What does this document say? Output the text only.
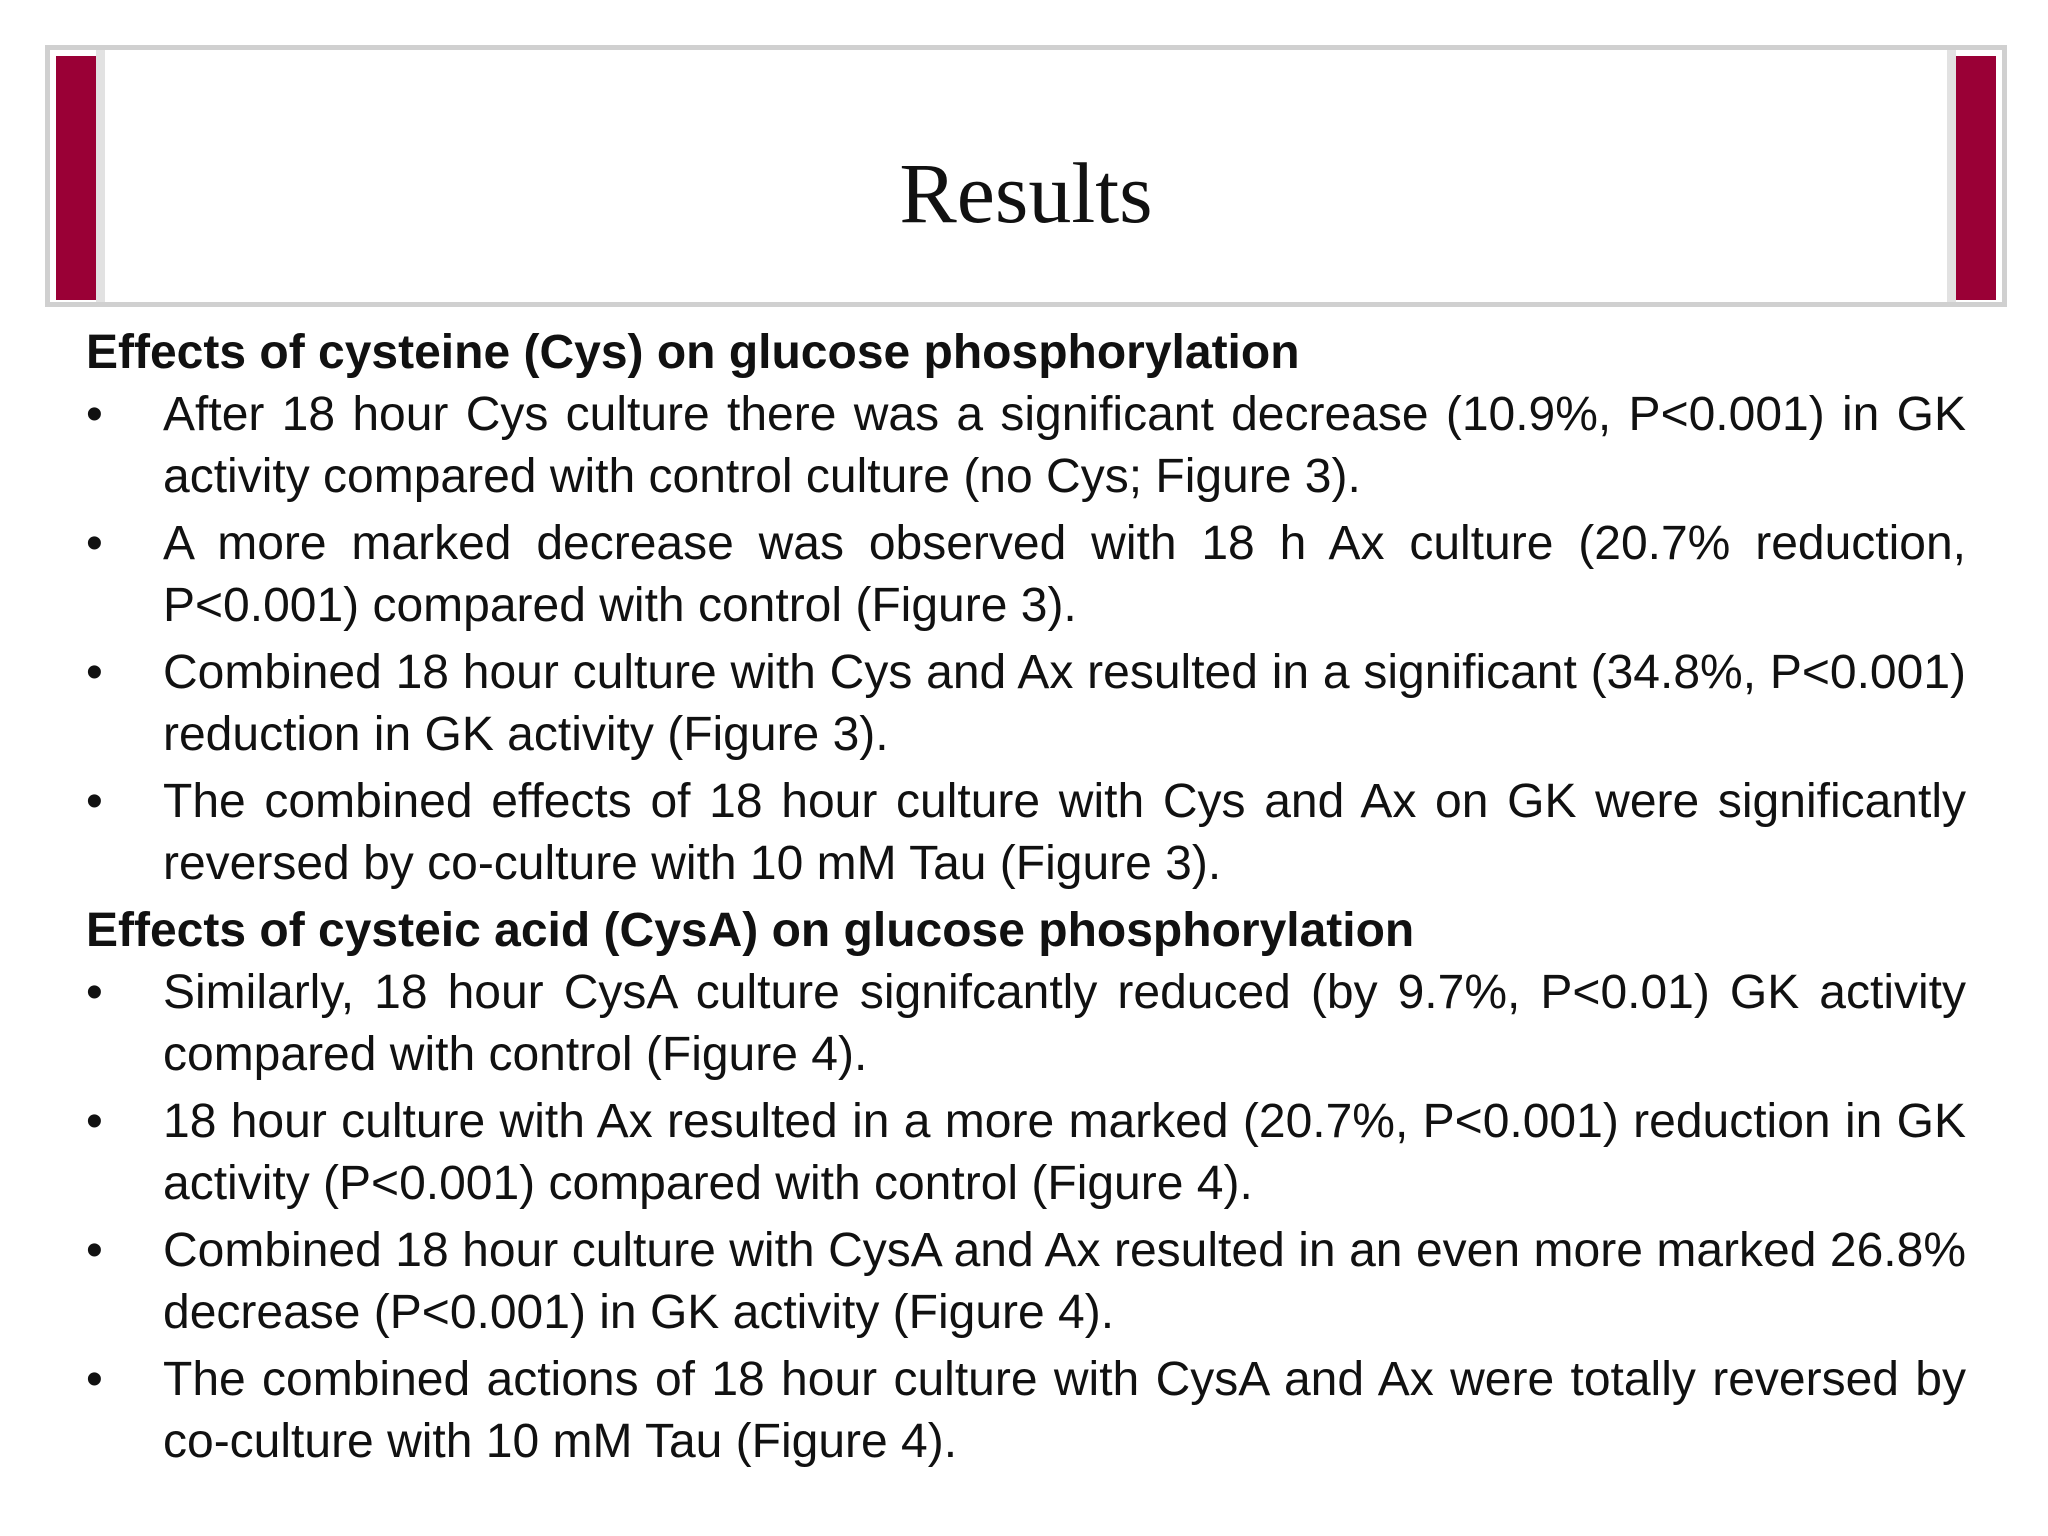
Results

Effects of cysteine (Cys) on glucose phosphorylation

• After 18 hour Cys culture there was a significant decrease (10.9%, P<0.001) in GK activity compared with control culture (no Cys; Figure 3).
• A more marked decrease was observed with 18 h Ax culture (20.7% reduction, P<0.001) compared with control (Figure 3).
• Combined 18 hour culture with Cys and Ax resulted in a significant (34.8%, P<0.001) reduction in GK activity (Figure 3).
• The combined effects of 18 hour culture with Cys and Ax on GK were significantly reversed by co-culture with 10 mM Tau (Figure 3).

Effects of cysteic acid (CysA) on glucose phosphorylation

• Similarly, 18 hour CysA culture signifcantly reduced (by 9.7%, P<0.01) GK activity compared with control (Figure 4).
• 18 hour culture with Ax resulted in a more marked (20.7%, P<0.001) reduction in GK activity (P<0.001) compared with control (Figure 4).
• Combined 18 hour culture with CysA and Ax resulted in an even more marked 26.8% decrease (P<0.001) in GK activity (Figure 4).
• The combined actions of 18 hour culture with CysA and Ax were totally reversed by co-culture with 10 mM Tau (Figure 4).
